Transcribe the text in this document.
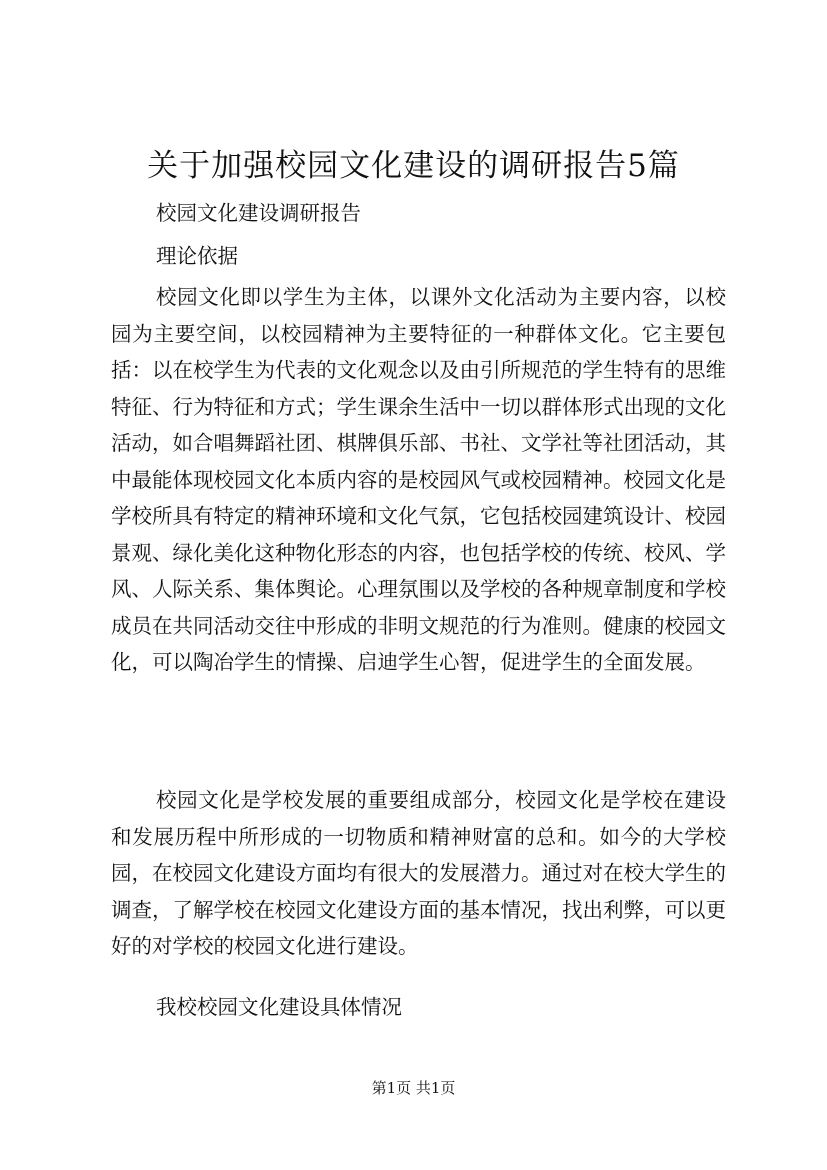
关于加强校园文化建设的调研报告5篇
校园文化建设调研报告
理论依据

校园文化即以学生为主体，以课外文化活动为主要内容，以校园为主要空间，以校园精神为主要特征的一种群体文化。它主要包括：以在校学生为代表的文化观念以及由引所规范的学生特有的思维特征、行为特征和方式；学生课余生活中一切以群体形式出现的文化活动，如合唱舞蹈社团、棋牌俱乐部、书社、文学社等社团活动，其中最能体现校园文化本质内容的是校园风气或校园精神。校园文化是学校所具有特定的精神环境和文化气氛，它包括校园建筑设计、校园景观、绿化美化这种物化形态的内容，也包括学校的传统、校风、学风、人际关系、集体舆论。心理氛围以及学校的各种规章制度和学校成员在共同活动交往中形成的非明文规范的行为准则。健康的校园文化，可以陶冶学生的情操、启迪学生心智，促进学生的全面发展。

校园文化是学校发展的重要组成部分，校园文化是学校在建设和发展历程中所形成的一切物质和精神财富的总和。如今的大学校园，在校园文化建设方面均有很大的发展潜力。通过对在校大学生的调查，了解学校在校园文化建设方面的基本情况，找出利弊，可以更好的对学校的校园文化进行建设。

我校校园文化建设具体情况
第1页 共1页
